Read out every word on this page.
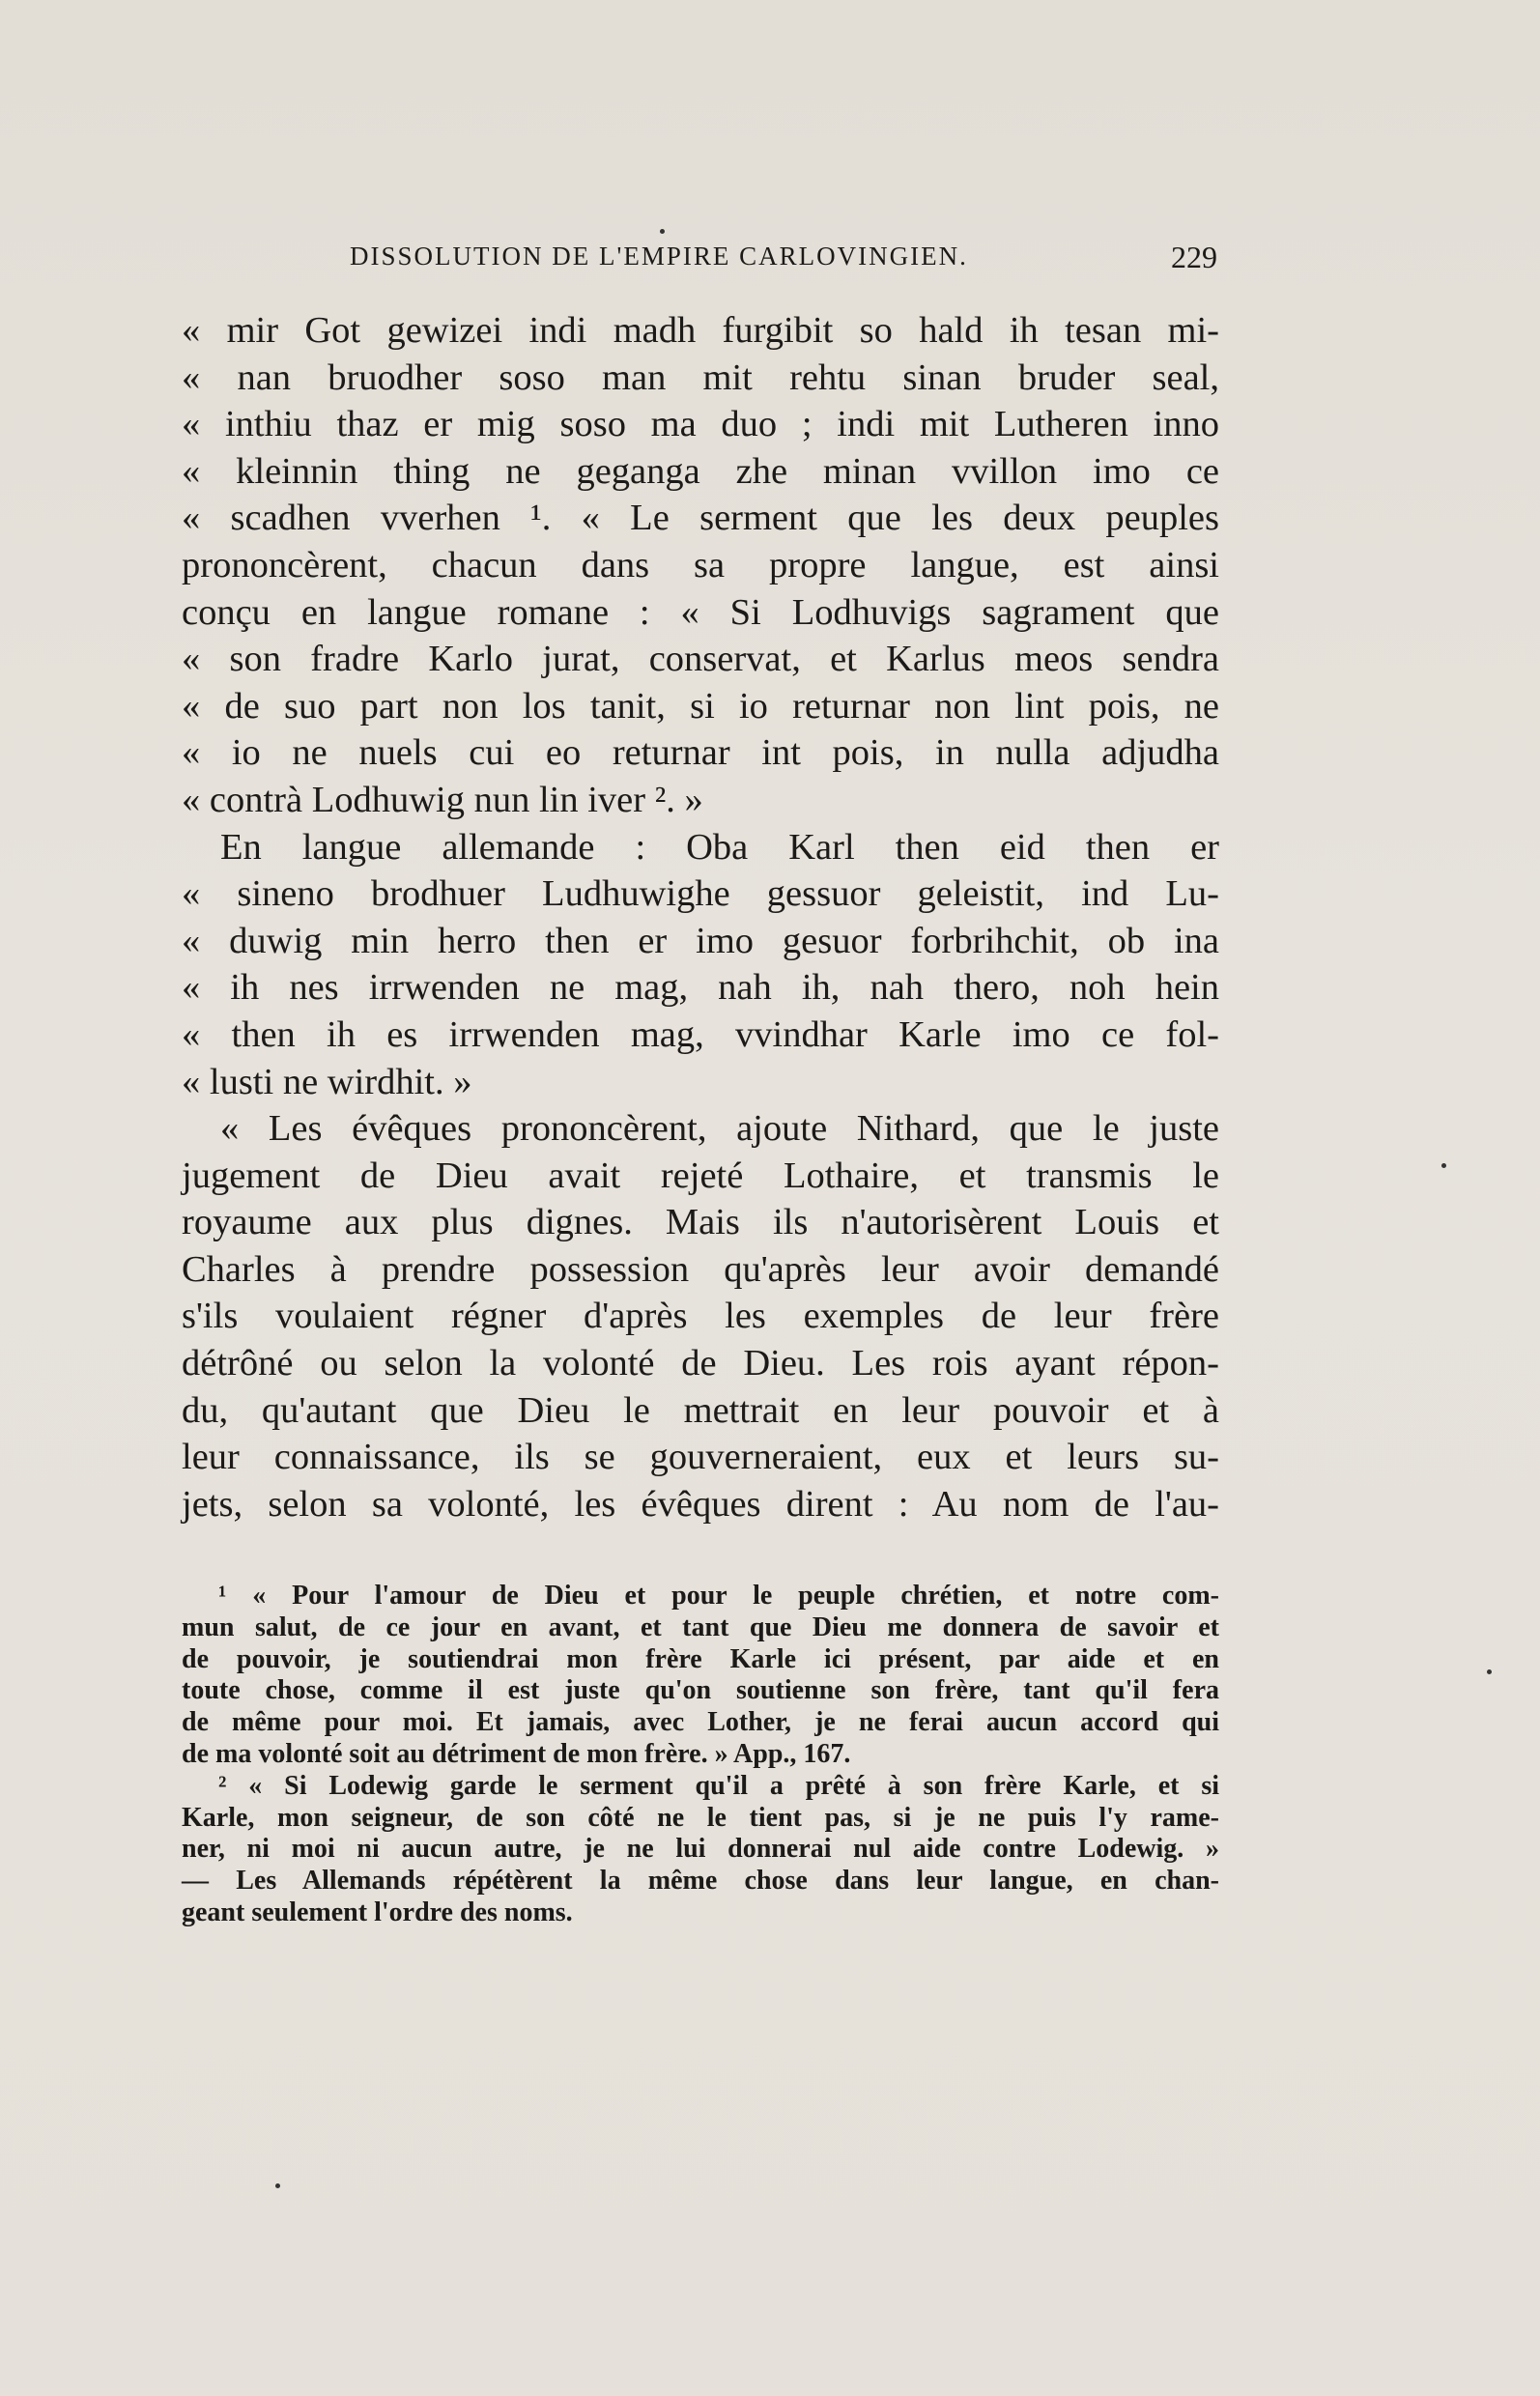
DISSOLUTION DE L'EMPIRE CARLOVINGIEN.	229
« mir Got gewizei indi madh furgibit so hald ih tesan mi-
« nan bruodher soso man mit rehtu sinan bruder seal,
« inthiu thaz er mig soso ma duo ; indi mit Lutheren inno
« kleinnin thing ne geganga zhe minan vvillon imo ce
« scadhen vverhen ¹. « Le serment que les deux peuples
prononcèrent, chacun dans sa propre langue, est ainsi
conçu en langue romane : « Si Lodhuvigs sagrament que
« son fradre Karlo jurat, conservat, et Karlus meos sendra
« de suo part non los tanit, si io returnar non lint pois, ne
« io ne nuels cui eo returnar int pois, in nulla adjudha
« contrà Lodhuwig nun lin iver ². »
En langue allemande : Oba Karl then eid then er
« sineno brodhuer Ludhuwighe gessuor geleistit, ind Lu-
« duwig min herro then er imo gesuor forbrihchit, ob ina
« ih nes irrwenden ne mag, nah ih, nah thero, noh hein
« then ih es irrwenden mag, vvindhar Karle imo ce fol-
« lusti ne wirdhit. »
« Les évêques prononcèrent, ajoute Nithard, que le juste
jugement de Dieu avait rejeté Lothaire, et transmis le
royaume aux plus dignes. Mais ils n'autorisèrent Louis et
Charles à prendre possession qu'après leur avoir demandé
s'ils voulaient régner d'après les exemples de leur frère
détrôné ou selon la volonté de Dieu. Les rois ayant répon-
du, qu'autant que Dieu le mettrait en leur pouvoir et à
leur connaissance, ils se gouverneraient, eux et leurs su-
jets, selon sa volonté, les évêques dirent : Au nom de l'au-
¹ « Pour l'amour de Dieu et pour le peuple chrétien, et notre com-
mun salut, de ce jour en avant, et tant que Dieu me donnera de savoir et
de pouvoir, je soutiendrai mon frère Karle ici présent, par aide et en
toute chose, comme il est juste qu'on soutienne son frère, tant qu'il fera
de même pour moi. Et jamais, avec Lother, je ne ferai aucun accord qui
de ma volonté soit au détriment de mon frère. » App., 167.
² « Si Lodewig garde le serment qu'il a prêté à son frère Karle, et si
Karle, mon seigneur, de son côté ne le tient pas, si je ne puis l'y rame-
ner, ni moi ni aucun autre, je ne lui donnerai nul aide contre Lodewig. »
— Les Allemands répétèrent la même chose dans leur langue, en chan-
geant seulement l'ordre des noms.
